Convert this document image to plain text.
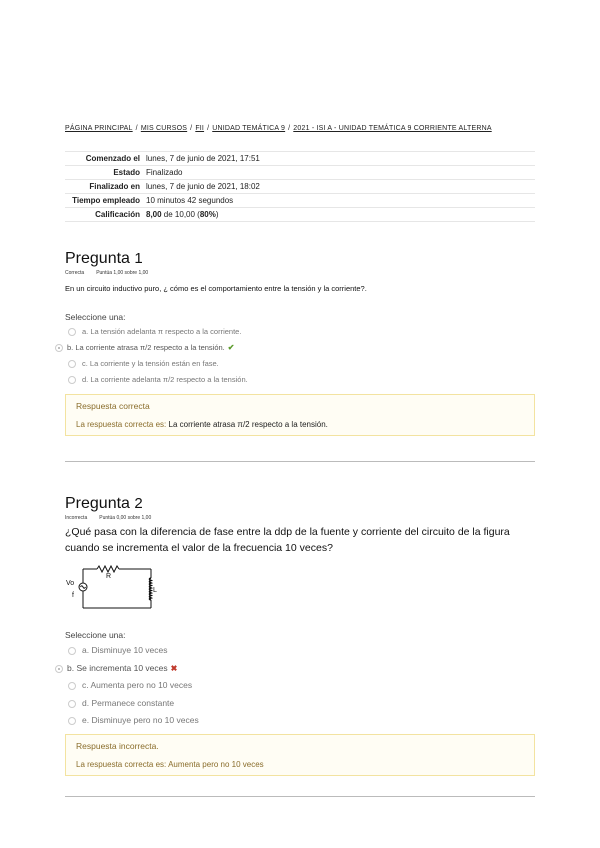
PÁGINA PRINCIPAL / MIS CURSOS / FII / UNIDAD TEMÁTICA 9 / 2021 - ISI A - UNIDAD TEMÁTICA 9 CORRIENTE ALTERNA
Comenzado el	lunes, 7 de junio de 2021, 17:51
Estado	Finalizado
Finalizado en	lunes, 7 de junio de 2021, 18:02
Tiempo empleado	10 minutos 42 segundos
Calificación	8,00 de 10,00 (80%)
Pregunta 1
Correcta Puntúa 1,00 sobre 1,00
En un circuito inductivo puro, ¿ cómo es el comportamiento entre la tensión y la corriente?.
Seleccione una:
a. La tensión adelanta π respecto a la corriente.
b. La corriente atrasa π/2 respecto a la tensión. ✔
c. La corriente y la tensión están en fase.
d. La corriente adelanta π/2 respecto a la tensión.
Respuesta correcta
La respuesta correcta es: La corriente atrasa π/2 respecto a la tensión.
Pregunta 2
Incorrecta Puntúa 0,00 sobre 1,00
¿Qué pasa con la diferencia de fase entre la ddp de la fuente y corriente del circuito de la figura cuando se incrementa el valor de la frecuencia 10 veces?
R
L
Vo
f
Seleccione una:
a. Disminuye 10 veces
b. Se incrementa 10 veces ✖
c. Aumenta pero no 10 veces
d. Permanece constante
e. Disminuye pero no 10 veces
Respuesta incorrecta.
La respuesta correcta es: Aumenta pero no 10 veces
